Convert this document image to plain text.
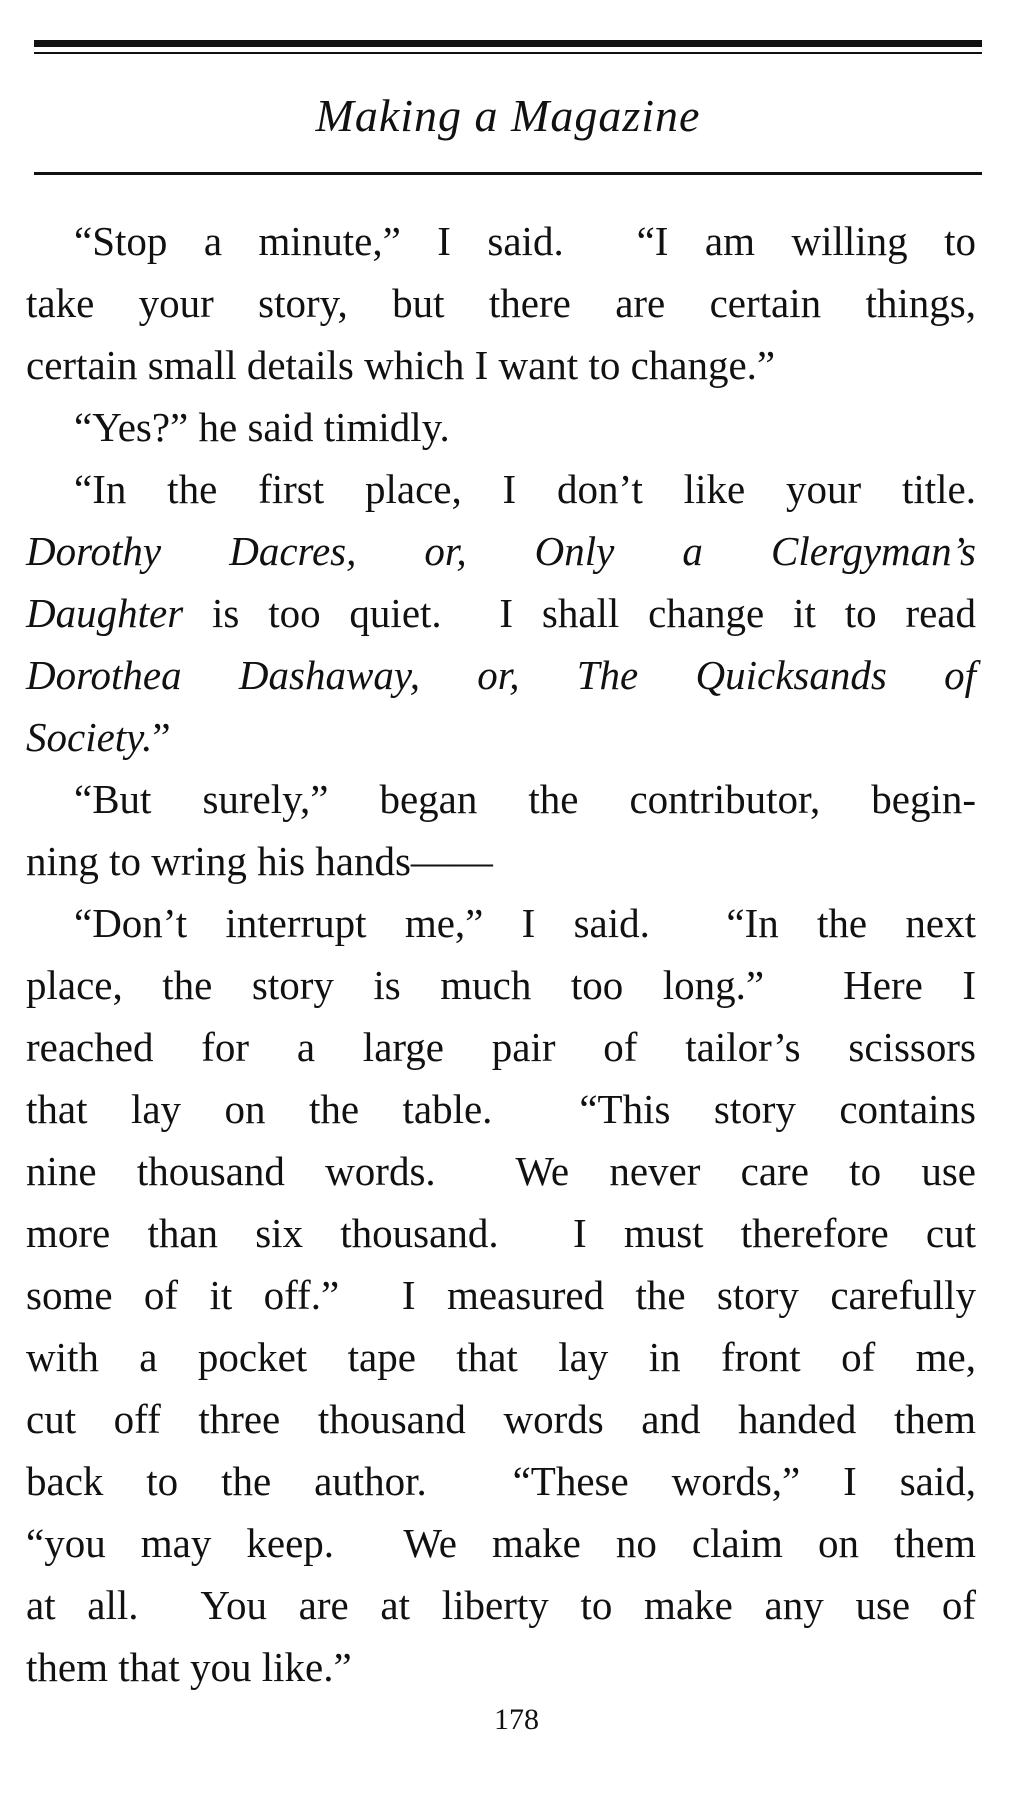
Making a Magazine
“Stop a minute,” I said.  “I am willing to
take your story, but there are certain things,
certain small details which I want to change.”
“Yes?” he said timidly.
“In the first place, I don’t like your title.
Dorothy Dacres, or, Only a Clergyman’s
Daughter is too quiet.  I shall change it to read
Dorothea Dashaway, or, The Quicksands of
Society.”
“But surely,” began the contributor, begin-
ning to wring his hands——
“Don’t interrupt me,” I said.  “In the next
place, the story is much too long.”  Here I
reached for a large pair of tailor’s scissors
that lay on the table.  “This story contains
nine thousand words.  We never care to use
more than six thousand.  I must therefore cut
some of it off.”  I measured the story carefully
with a pocket tape that lay in front of me,
cut off three thousand words and handed them
back to the author.  “These words,” I said,
“you may keep.  We make no claim on them
at all.  You are at liberty to make any use of
them that you like.”
178
